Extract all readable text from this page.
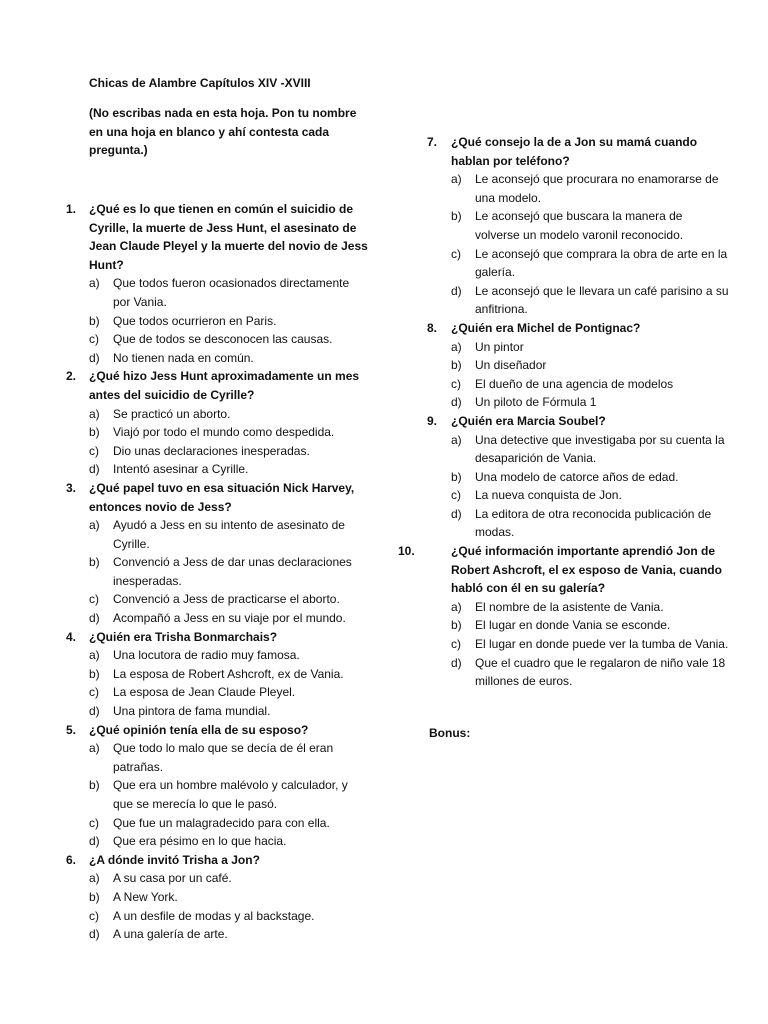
Chicas de Alambre Capítulos XIV -XVIII
(No escribas nada en esta hoja. Pon tu nombre en una hoja en blanco y ahí contesta cada pregunta.)
1. ¿Qué es lo que tienen en común el suicidio de Cyrille, la muerte de Jess Hunt, el asesinato de Jean Claude Pleyel y la muerte del novio de Jess Hunt?
a) Que todos fueron ocasionados directamente por Vania.
b) Que todos ocurrieron en Paris.
c) Que de todos se desconocen las causas.
d) No tienen nada en común.
2. ¿Qué hizo Jess Hunt aproximadamente un mes antes del suicidio de Cyrille?
a) Se practicó un aborto.
b) Viajó por todo el mundo como despedida.
c) Dio unas declaraciones inesperadas.
d) Intentó asesinar a Cyrille.
3. ¿Qué papel tuvo en esa situación Nick Harvey, entonces novio de Jess?
a) Ayudó a Jess en su intento de asesinato de Cyrille.
b) Convenció a Jess de dar unas declaraciones inesperadas.
c) Convenció a Jess de practicarse el aborto.
d) Acompañó a Jess en su viaje por el mundo.
4. ¿Quién era Trisha Bonmarchais?
a) Una locutora de radio muy famosa.
b) La esposa de Robert Ashcroft, ex de Vania.
c) La esposa de Jean Claude Pleyel.
d) Una pintora de fama mundial.
5. ¿Qué opinión tenía ella de su esposo?
a) Que todo lo malo que se decía de él eran patrañas.
b) Que era un hombre malévolo y calculador, y que se merecía lo que le pasó.
c) Que fue un malagradecido para con ella.
d) Que era pésimo en lo que hacia.
6. ¿A dónde invitó Trisha a Jon?
a) A su casa por un café.
b) A New York.
c) A un desfile de modas y al backstage.
d) A una galería de arte.
7. ¿Qué consejo la de a Jon su mamá cuando hablan por teléfono?
a) Le aconsejó que procurara no enamorarse de una modelo.
b) Le aconsejó que buscara la manera de volverse un modelo varonil reconocido.
c) Le aconsejó que comprara la obra de arte en la galería.
d) Le aconsejó que le llevara un café parisino a su anfitriona.
8. ¿Quién era Michel de Pontignac?
a) Un pintor
b) Un diseñador
c) El dueño de una agencia de modelos
d) Un piloto de Fórmula 1
9. ¿Quién era Marcia Soubel?
a) Una detective que investigaba por su cuenta la desaparición de Vania.
b) Una modelo de catorce años de edad.
c) La nueva conquista de Jon.
d) La editora de otra reconocida publicación de modas.
10.	¿Qué información importante aprendió Jon de Robert Ashcroft, el ex esposo de Vania, cuando habló con él en su galería?
a) El nombre de la asistente de Vania.
b) El lugar en donde Vania se esconde.
c) El lugar en donde puede ver la tumba de Vania.
d) Que el cuadro que le regalaron de niño vale 18 millones de euros.
Bonus:
